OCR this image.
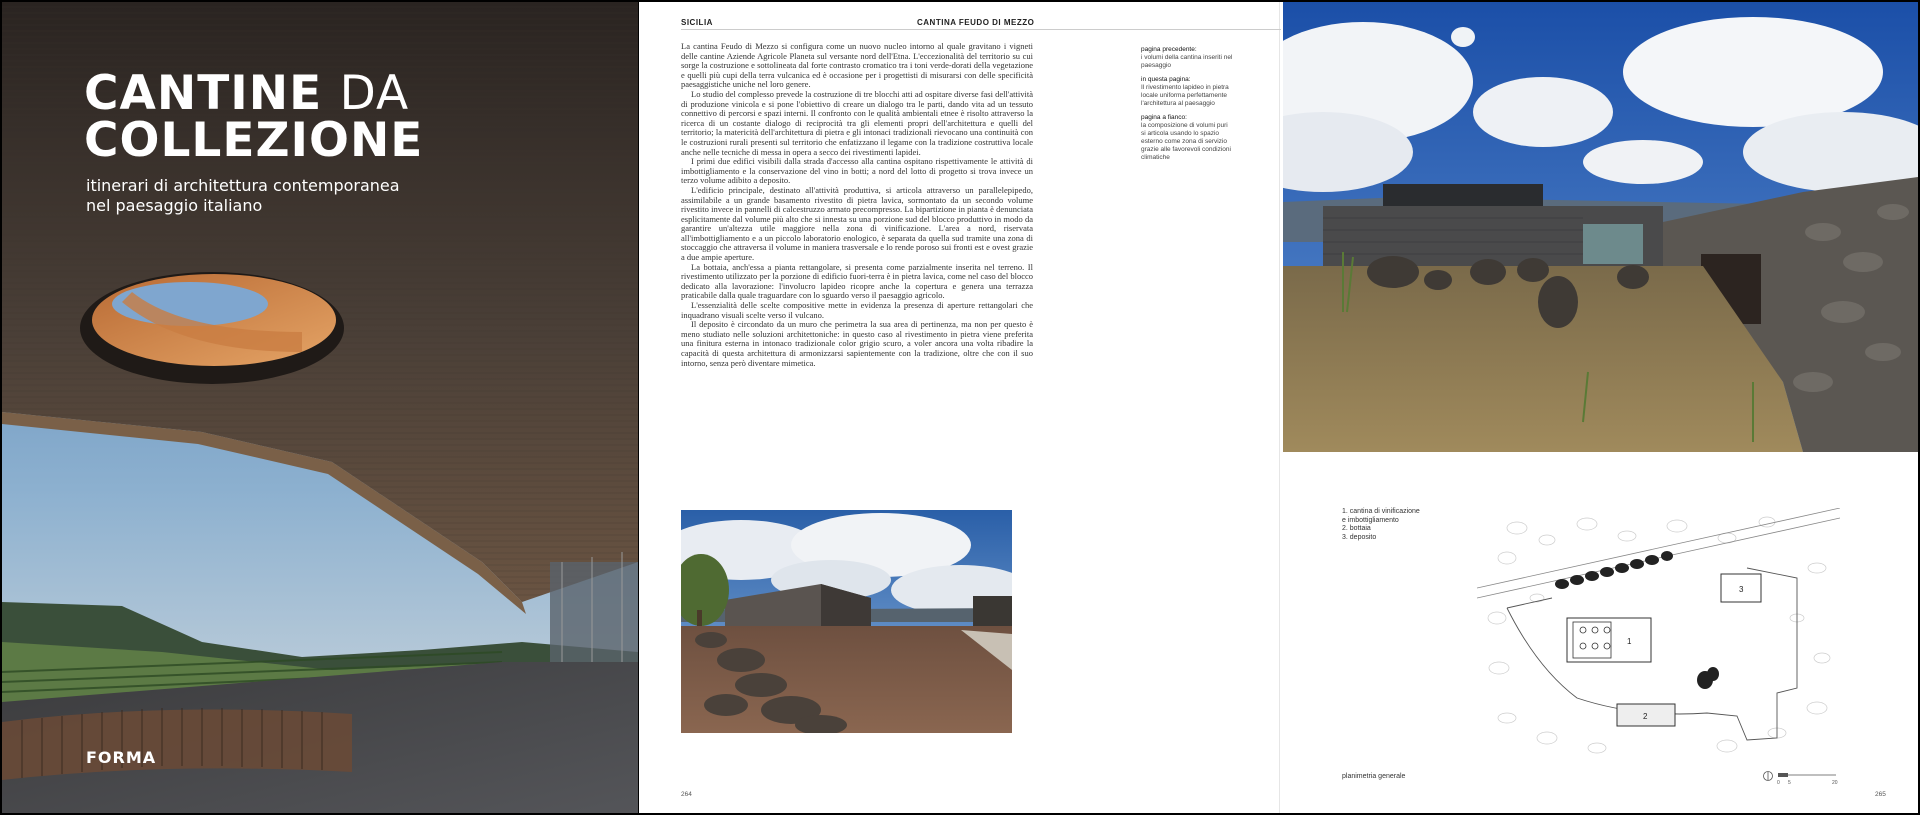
CANTINE DA
COLLEZIONE
itinerari di architettura contemporanea
nel paesaggio italiano
FORMA
SICILIA	CANTINA FEUDO DI MEZZO

La cantina Feudo di Mezzo si configura come un nuovo nucleo intorno al quale gravitano i vigneti delle cantine Aziende Agricole Planeta sul versante nord dell'Etna. L'eccezionalità del territorio su cui sorge la costruzione e sottolineata dal forte contrasto cromatico tra i toni verde-dorati della vegetazione e quelli più cupi della terra vulcanica ed è occasione per i progettisti di misurarsi con delle specificità paesaggistiche uniche nel loro genere.

Lo studio del complesso prevede la costruzione di tre blocchi atti ad ospitare diverse fasi dell'attività di produzione vinicola e si pone l'obiettivo di creare un dialogo tra le parti, dando vita ad un tessuto connettivo di percorsi e spazi interni. Il confronto con le qualità ambientali etnee è risolto attraverso la ricerca di un costante dialogo di reciprocità tra gli elementi propri dell'architettura e quelli del territorio; la matericità dell'architettura di pietra e gli intonaci tradizionali rievocano una continuità con le costruzioni rurali presenti sul territorio che enfatizzano il legame con la tradizione costruttiva locale anche nelle tecniche di messa in opera a secco dei rivestimenti lapidei.

I primi due edifici visibili dalla strada d'accesso alla cantina ospitano rispettivamente le attività di imbottigliamento e la conservazione del vino in botti; a nord del lotto di progetto si trova invece un terzo volume adibito a deposito.

L'edificio principale, destinato all'attività produttiva, si articola attraverso un parallelepipedo, assimilabile a un grande basamento rivestito di pietra lavica, sormontato da un secondo volume rivestito invece in pannelli di calcestruzzo armato precompresso. La bipartizione in pianta è denunciata esplicitamente dal volume più alto che si innesta su una porzione sud del blocco produttivo in modo da garantire un'altezza utile maggiore nella zona di vinificazione. L'area a nord, riservata all'imbottigliamento e a un piccolo laboratorio enologico, è separata da quella sud tramite una zona di stoccaggio che attraversa il volume in maniera trasversale e lo rende poroso sui fronti est e ovest grazie a due ampie aperture.

La bottaia, anch'essa a pianta rettangolare, si presenta come parzialmente inserita nel terreno. Il rivestimento utilizzato per la porzione di edificio fuori-terra è in pietra lavica, come nel caso del blocco dedicato alla lavorazione: l'involucro lapideo ricopre anche la copertura e genera una terrazza praticabile dalla quale traguardare con lo sguardo verso il paesaggio agricolo.

L'essenzialità delle scelte compositive mette in evidenza la presenza di aperture rettangolari che inquadrano visuali scelte verso il vulcano.

Il deposito è circondato da un muro che perimetra la sua area di pertinenza, ma non per questo è meno studiato nelle soluzioni architettoniche: in questo caso al rivestimento in pietra viene preferita una finitura esterna in intonaco tradizionale color grigio scuro, a voler ancora una volta ribadire la capacità di questa architettura di armonizzarsi sapientemente con la tradizione, oltre che con il suo intorno, senza però diventare mimetica.

pagina precedente:
i volumi della cantina inseriti nel paesaggio
in questa pagina:
Il rivestimento lapideo in pietra locale uniforma perfettamente l'architettura al paesaggio
pagina a fianco:
la composizione di volumi puri si articola usando lo spazio esterno come zona di servizio grazie alle favorevoli condizioni climatiche
1. cantina di vinificazione
e imbottigliamento
2. bottaia
3. deposito
1
2
3
planimetria generale
0 5	20
264	265
